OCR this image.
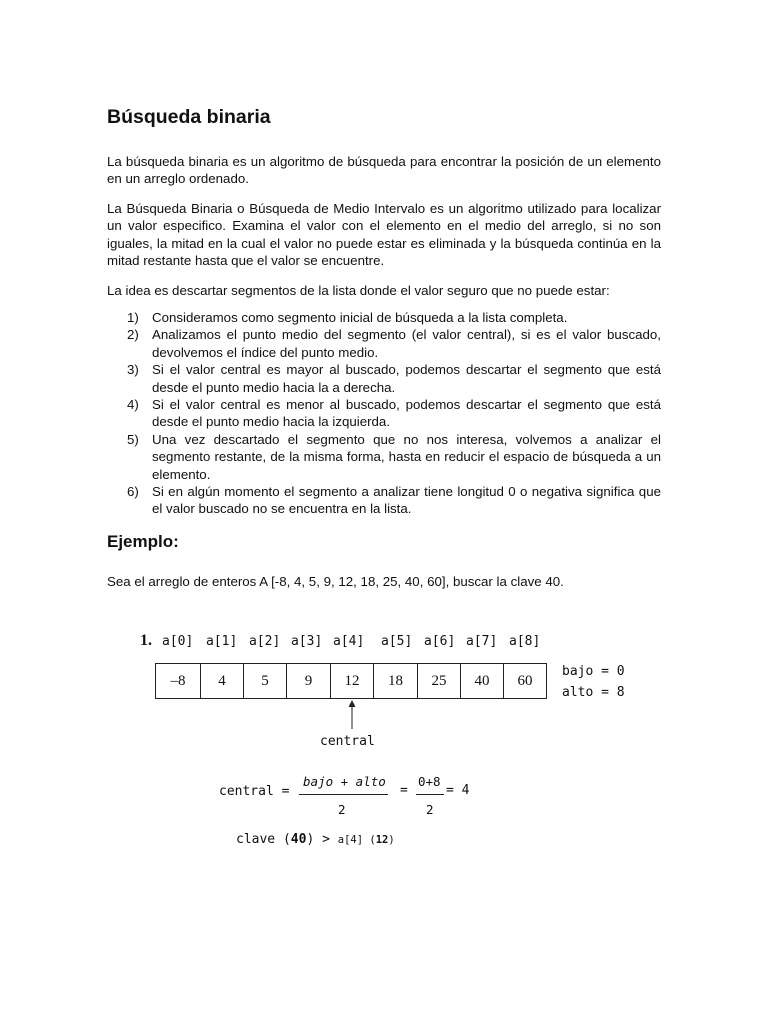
Búsqueda binaria

La búsqueda binaria es un algoritmo de búsqueda para encontrar la posición de un elemento en un arreglo ordenado.

La Búsqueda Binaria o Búsqueda de Medio Intervalo es un algoritmo utilizado para localizar un valor especifico. Examina el valor con el elemento en el medio del arreglo, si no son iguales, la mitad en la cual el valor no puede estar es eliminada y la búsqueda continúa en la mitad restante hasta que el valor se encuentre.

La idea es descartar segmentos de la lista donde el valor seguro que no puede estar:

1) Consideramos como segmento inicial de búsqueda a la lista completa.
2) Analizamos el punto medio del segmento (el valor central), si es el valor buscado, devolvemos el índice del punto medio.
3) Si el valor central es mayor al buscado, podemos descartar el segmento que está desde el punto medio hacia la a derecha.
4) Si el valor central es menor al buscado, podemos descartar el segmento que está desde el punto medio hacia la izquierda.
5) Una vez descartado el segmento que no nos interesa, volvemos a analizar el segmento restante, de la misma forma, hasta en reducir el espacio de búsqueda a un elemento.
6) Si en algún momento el segmento a analizar tiene longitud 0 o negativa significa que el valor buscado no se encuentra en la lista.
Ejemplo:

Sea el arreglo de enteros A [-8, 4, 5, 9, 12, 18, 25, 40, 60], buscar la clave 40.

1. a[0] a[1] a[2] a[3] a[4] a[5] a[6] a[7] a[8]
–8	4	5	9	12	18	25	40	60
bajo = 0
alto = 8
central
central =
bajo + alto
2
=
0+8
2
= 4
clave (40) > a[4] (12)
